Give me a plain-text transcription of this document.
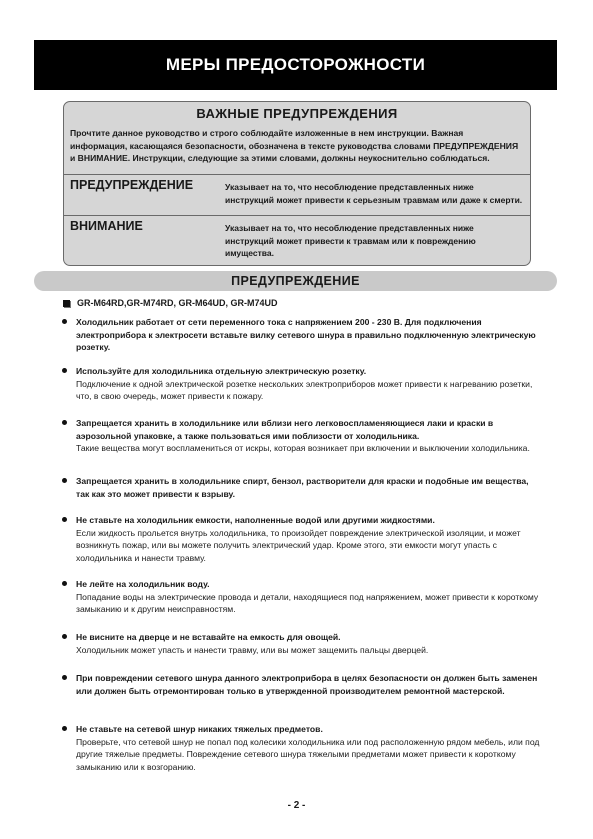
МЕРЫ ПРЕДОСТОРОЖНОСТИ
ВАЖНЫЕ ПРЕДУПРЕЖДЕНИЯ
Прочтите данное руководство и строго соблюдайте изложенные в нем инструкции. Важная информация, касающаяся безопасности, обозначена в тексте руководства словами ПРЕДУПРЕЖДЕНИЯ и ВНИМАНИЕ. Инструкции, следующие за этими словами, должны неукоснительно соблюдаться.
ПРЕДУПРЕЖДЕНИЕ	Указывает на то, что несоблюдение представленных ниже инструкций может привести к серьезным травмам или даже к смерти.
ВНИМАНИЕ	Указывает на то, что несоблюдение представленных ниже инструкций может привести к травмам или к повреждению имущества.
ПРЕДУПРЕЖДЕНИЕ
GR-M64RD,GR-M74RD, GR-M64UD, GR-M74UD
Холодильник работает от сети переменного тока с напряжением 200 - 230 В. Для подключения электроприбора к электросети вставьте вилку сетевого шнура в правильно подключенную электрическую розетку.
Используйте для холодильника отдельную электрическую розетку.
Подключение к одной электрической розетке нескольких электроприборов может привести к нагреванию розетки, что, в свою очередь, может привести к пожару.
Запрещается хранить в холодильнике или вблизи него легковоспламеняющиеся лаки и краски в аэрозольной упаковке, а также пользоваться ими поблизости от холодильника.
Такие вещества могут воспламениться от искры, которая возникает при включении и выключении холодильника.
Запрещается хранить в холодильнике спирт, бензол, растворители для краски и подобные им вещества, так как это может привести к взрыву.
Не ставьте на холодильник емкости, наполненные водой или другими жидкостями.
Если жидкость прольется внутрь холодильника, то произойдет повреждение электрической изоляции, и может возникнуть пожар, или вы можете получить электрический удар. Кроме этого, эти емкости могут упасть с холодильника и нанести травму.
Не лейте на холодильник воду.
Попадание воды на электрические провода и детали, находящиеся под напряжением, может привести к короткому замыканию и к другим неисправностям.
Не висните на дверце и не вставайте на емкость для овощей.
Холодильник может упасть и нанести травму, или вы может защемить пальцы дверцей.
При повреждении сетевого шнура данного электроприбора в целях безопасности он должен быть заменен или должен быть отремонтирован только в утвержденной производителем ремонтной мастерской.
Не ставьте на сетевой шнур никаких тяжелых предметов.
Проверьте, что сетевой шнур не попал под колесики холодильника или под расположенную рядом мебель, или под другие тяжелые предметы. Повреждение сетевого шнура тяжелыми предметами может привести к короткому замыканию или к возгоранию.
- 2 -
